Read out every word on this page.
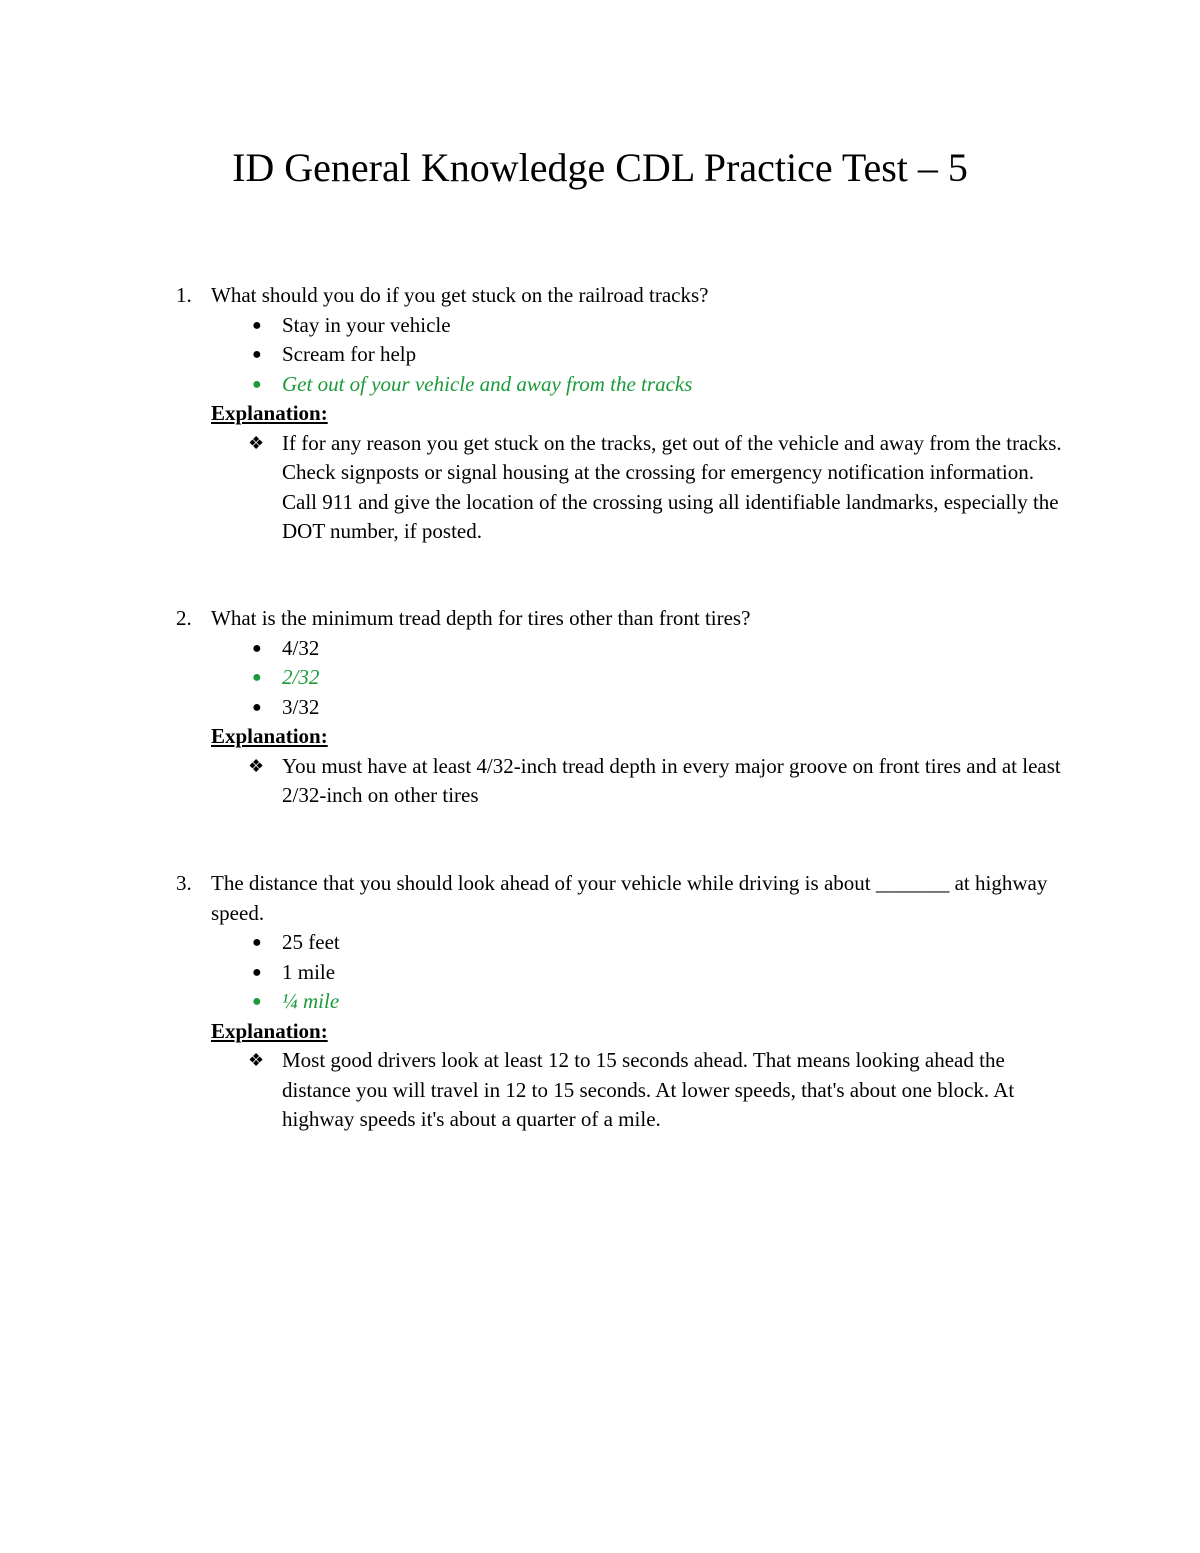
ID General Knowledge CDL Practice Test – 5
1. What should you do if you get stuck on the railroad tracks?
● Stay in your vehicle
● Scream for help
● Get out of your vehicle and away from the tracks
Explanation:
❖ If for any reason you get stuck on the tracks, get out of the vehicle and away from the tracks. Check signposts or signal housing at the crossing for emergency notification information. Call 911 and give the location of the crossing using all identifiable landmarks, especially the DOT number, if posted.
2. What is the minimum tread depth for tires other than front tires?
● 4/32
● 2/32
● 3/32
Explanation:
❖ You must have at least 4/32-inch tread depth in every major groove on front tires and at least 2/32-inch on other tires
3. The distance that you should look ahead of your vehicle while driving is about _______ at highway speed.
● 25 feet
● 1 mile
● ¼ mile
Explanation:
❖ Most good drivers look at least 12 to 15 seconds ahead. That means looking ahead the distance you will travel in 12 to 15 seconds. At lower speeds, that's about one block. At highway speeds it's about a quarter of a mile.
